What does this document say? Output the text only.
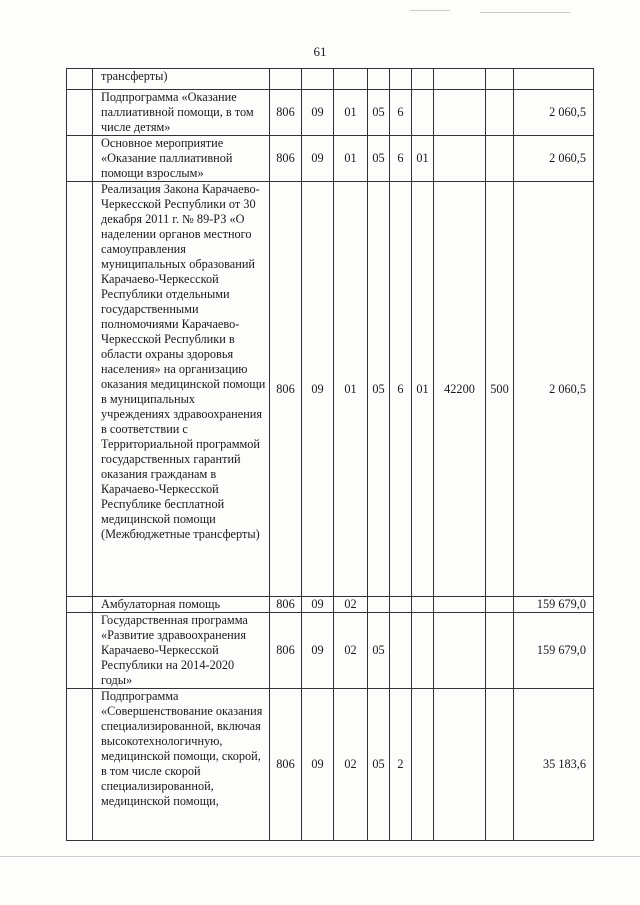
61
	трансферты)									
	Подпрограмма «Оказание паллиативной помощи, в том числе детям»	806	09	01	05	6				2 060,5
	Основное мероприятие «Оказание паллиативной помощи взрослым»	806	09	01	05	6	01			2 060,5
	Реализация Закона Карачаево-Черкесской Республики от 30 декабря 2011 г. № 89-РЗ «О наделении органов местного самоуправления муниципальных образований Карачаево-Черкесской Республики отдельными государственными полномочиями Карачаево-Черкесской Республики в области охраны здоровья населения» на организацию оказания медицинской помощи в муниципальных учреждениях здравоохранения в соответствии с Территориальной программой государственных гарантий оказания гражданам в Карачаево-Черкесской Республике бесплатной медицинской помощи (Межбюджетные трансферты)	806	09	01	05	6	01	42200	500	2 060,5
	Амбулаторная помощь	806	09	02						159 679,0
	Государственная программа «Развитие здравоохранения Карачаево-Черкесской Республики на 2014-2020 годы»	806	09	02	05					159 679,0
	Подпрограмма «Совершенствование оказания специализированной, включая высокотехнологичную, медицинской помощи, скорой, в том числе скорой специализированной, медицинской помощи,	806	09	02	05	2				35 183,6
